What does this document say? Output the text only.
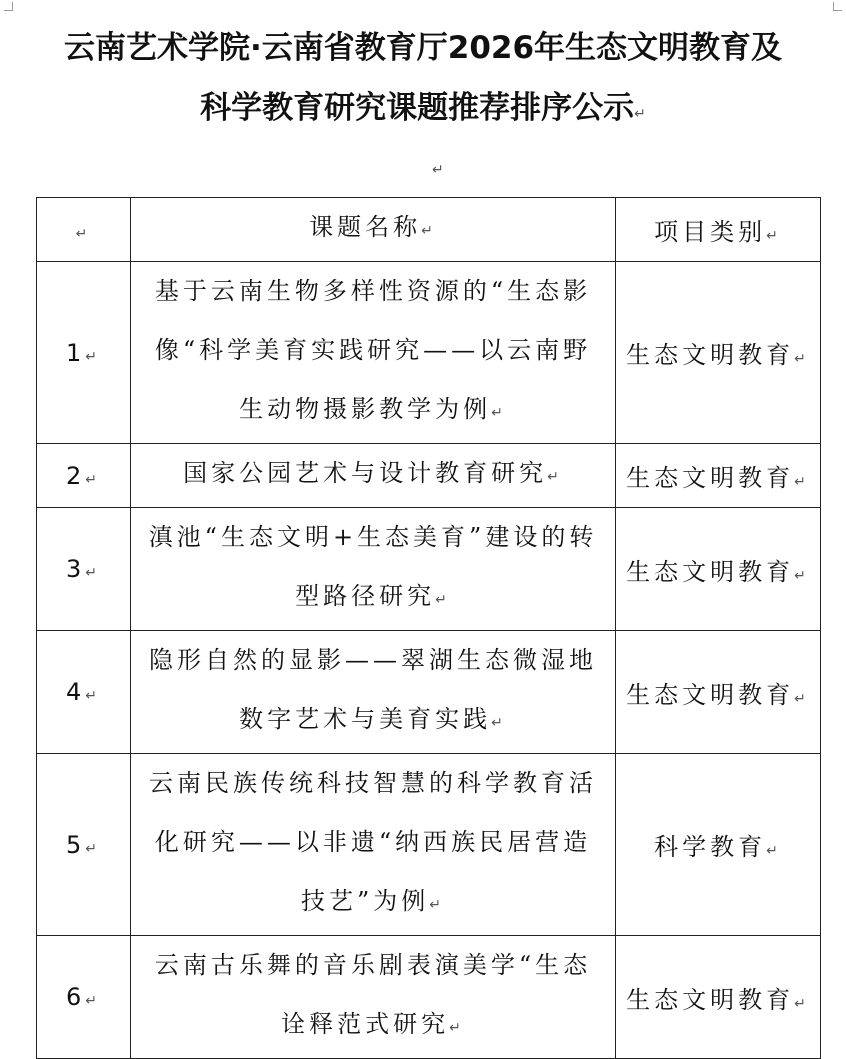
云南艺术学院·云南省教育厅2026年生态文明教育及
科学教育研究课题推荐排序公示↵
↵
↵	课题名称↵	项目类别↵
1↵	基于云南生物多样性资源的“生态影像“科学美育实践研究——以云南野生动物摄影教学为例↵	生态文明教育↵
2↵	国家公园艺术与设计教育研究↵	生态文明教育↵
3↵	滇池“生态文明+生态美育”建设的转型路径研究↵	生态文明教育↵
4↵	隐形自然的显影——翠湖生态微湿地数字艺术与美育实践↵	生态文明教育↵
5↵	云南民族传统科技智慧的科学教育活化研究——以非遗“纳西族民居营造技艺”为例↵	科学教育↵
6↵	云南古乐舞的音乐剧表演美学“生态诠释范式研究↵	生态文明教育↵
